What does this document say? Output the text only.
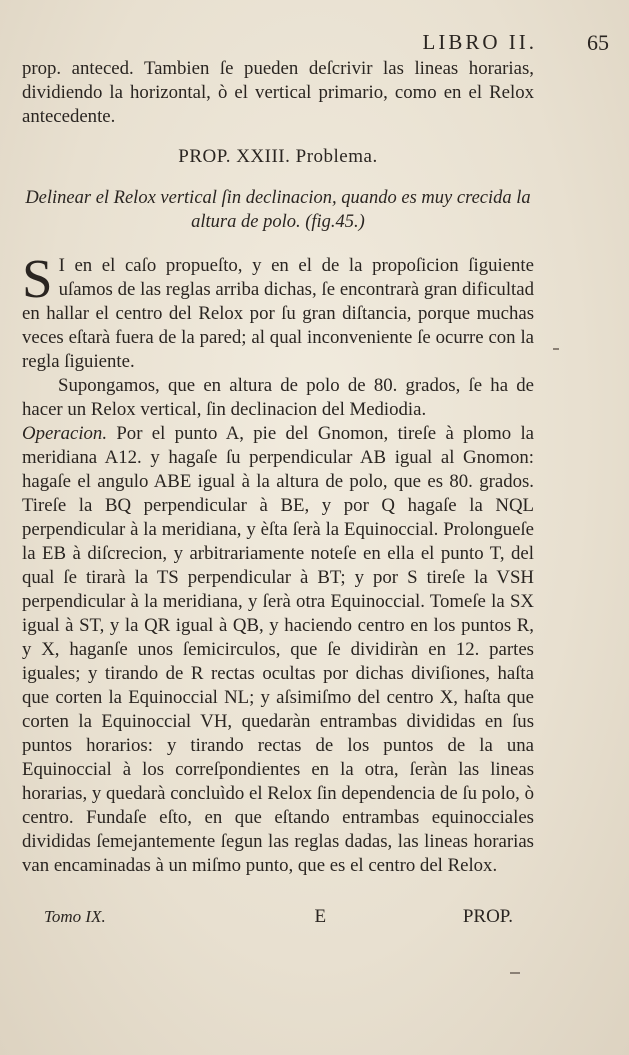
LIBRO II. 65

prop. anteced. Tambien ſe pueden deſcrivir las lineas horarias, dividiendo la horizontal, ò el vertical primario, como en el Relox antecedente.

PROP. XXIII. Problema.
Delinear el Relox vertical ſin declinacion, quando es muy crecida la altura de polo. (fig.45.)

S I en el caſo propueſto, y en el de la propoſicion ſiguiente uſamos de las reglas arriba dichas, ſe encontrarà gran dificultad en hallar el centro del Relox por ſu gran diſtancia, porque muchas veces eſtarà fuera de la pared; al qual inconveniente ſe ocurre con la regla ſiguiente.

Supongamos, que en altura de polo de 80. grados, ſe ha de hacer un Relox vertical, ſin declinacion del Mediodia.

Operacion. Por el punto A, pie del Gnomon, tireſe à plomo la meridiana A12. y hagaſe ſu perpendicular AB igual al Gnomon: hagaſe el angulo ABE igual à la altura de polo, que es 80. grados. Tireſe la BQ perpendicular à BE, y por Q hagaſe la NQL perpendicular à la meridiana, y èſta ſerà la Equinoccial. Prolongueſe la EB à diſcrecion, y arbitrariamente noteſe en ella el punto T, del qual ſe tirarà la TS perpendicular à BT; y por S tireſe la VSH perpendicular à la meridiana, y ſerà otra Equinoccial. Tomeſe la SX igual à ST, y la QR igual à QB, y haciendo centro en los puntos R, y X, haganſe unos ſemicirculos, que ſe dividiràn en 12. partes iguales; y tirando de R rectas ocultas por dichas diviſiones, haſta que corten la Equinoccial NL; y aſsimiſmo del centro X, haſta que corten la Equinoccial VH, quedaràn entrambas divididas en ſus puntos horarios: y tirando rectas de los puntos de la una Equinoccial à los correſpondientes en la otra, ſeràn las lineas horarias, y quedarà concluìdo el Relox ſin dependencia de ſu polo, ò centro. Fundaſe eſto, en que eſtando entrambas equinocciales divididas ſemejantemente ſegun las reglas dadas, las lineas horarias van encaminadas à un miſmo punto, que es el centro del Relox.

Tomo IX.	E	PROP.
